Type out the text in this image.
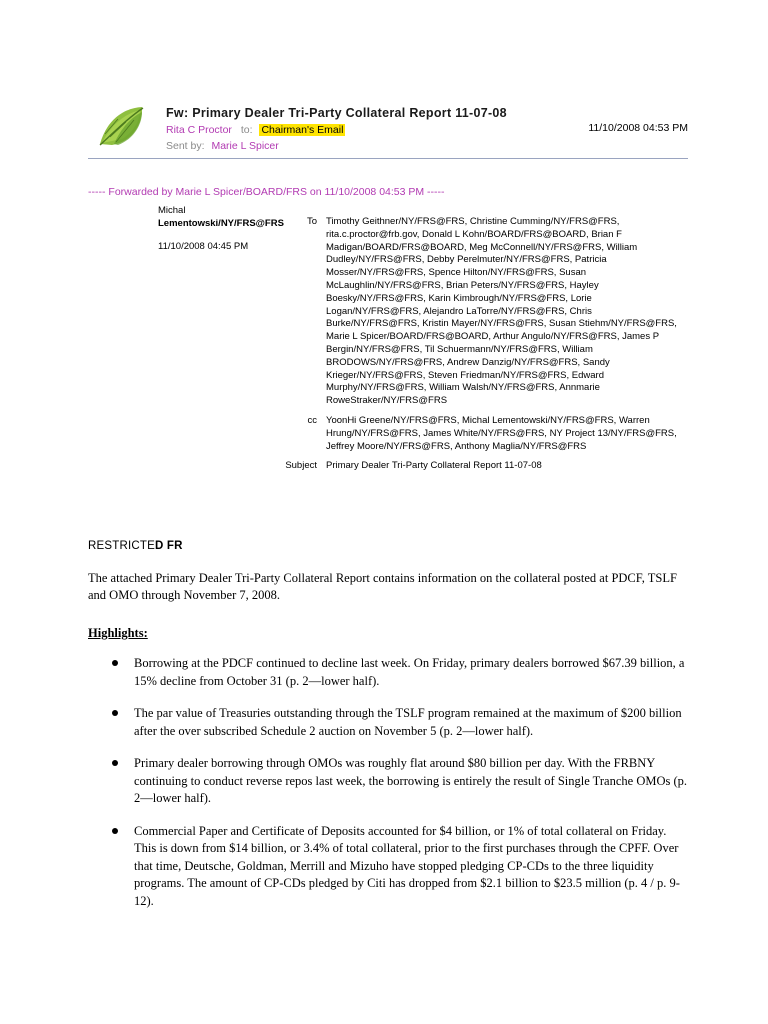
Fw: Primary Dealer Tri-Party Collateral Report 11-07-08
Rita C Proctor to: Chairman's Email
Sent by: Marie L Spicer
11/10/2008 04:53 PM
----- Forwarded by Marie L Spicer/BOARD/FRS on 11/10/2008 04:53 PM -----
Michal
Lementowski/NY/FRS@FRS
11/10/2008 04:45 PM
To Timothy Geithner/NY/FRS@FRS, Christine Cumming/NY/FRS@FRS, rita.c.proctor@frb.gov, Donald L Kohn/BOARD/FRS@BOARD, Brian F Madigan/BOARD/FRS@BOARD, Meg McConnell/NY/FRS@FRS, William Dudley/NY/FRS@FRS, Debby Perelmuter/NY/FRS@FRS, Patricia Mosser/NY/FRS@FRS, Spence Hilton/NY/FRS@FRS, Susan McLaughlin/NY/FRS@FRS, Brian Peters/NY/FRS@FRS, Hayley Boesky/NY/FRS@FRS, Karin Kimbrough/NY/FRS@FRS, Lorie Logan/NY/FRS@FRS, Alejandro LaTorre/NY/FRS@FRS, Chris Burke/NY/FRS@FRS, Kristin Mayer/NY/FRS@FRS, Susan Stiehm/NY/FRS@FRS, Marie L Spicer/BOARD/FRS@BOARD, Arthur Angulo/NY/FRS@FRS, James P Bergin/NY/FRS@FRS, Til Schuermann/NY/FRS@FRS, William BRODOWS/NY/FRS@FRS, Andrew Danzig/NY/FRS@FRS, Sandy Krieger/NY/FRS@FRS, Steven Friedman/NY/FRS@FRS, Edward Murphy/NY/FRS@FRS, William Walsh/NY/FRS@FRS, Annmarie RoweStraker/NY/FRS@FRS
cc YoonHi Greene/NY/FRS@FRS, Michal Lementowski/NY/FRS@FRS, Warren Hrung/NY/FRS@FRS, James White/NY/FRS@FRS, NY Project 13/NY/FRS@FRS, Jeffrey Moore/NY/FRS@FRS, Anthony Maglia/NY/FRS@FRS
Subject Primary Dealer Tri-Party Collateral Report 11-07-08
RESTRICTED FR
The attached Primary Dealer Tri-Party Collateral Report contains information on the collateral posted at PDCF, TSLF and OMO through November 7, 2008.
Highlights:
Borrowing at the PDCF continued to decline last week. On Friday, primary dealers borrowed $67.39 billion, a 15% decline from October 31 (p. 2—lower half).
The par value of Treasuries outstanding through the TSLF program remained at the maximum of $200 billion after the over subscribed Schedule 2 auction on November 5 (p. 2—lower half).
Primary dealer borrowing through OMOs was roughly flat around $80 billion per day. With the FRBNY continuing to conduct reverse repos last week, the borrowing is entirely the result of Single Tranche OMOs (p. 2—lower half).
Commercial Paper and Certificate of Deposits accounted for $4 billion, or 1% of total collateral on Friday. This is down from $14 billion, or 3.4% of total collateral, prior to the first purchases through the CPFF. Over that time, Deutsche, Goldman, Merrill and Mizuho have stopped pledging CP-CDs to the three liquidity programs. The amount of CP-CDs pledged by Citi has dropped from $2.1 billion to $23.5 million (p. 4 / p. 9-12).
